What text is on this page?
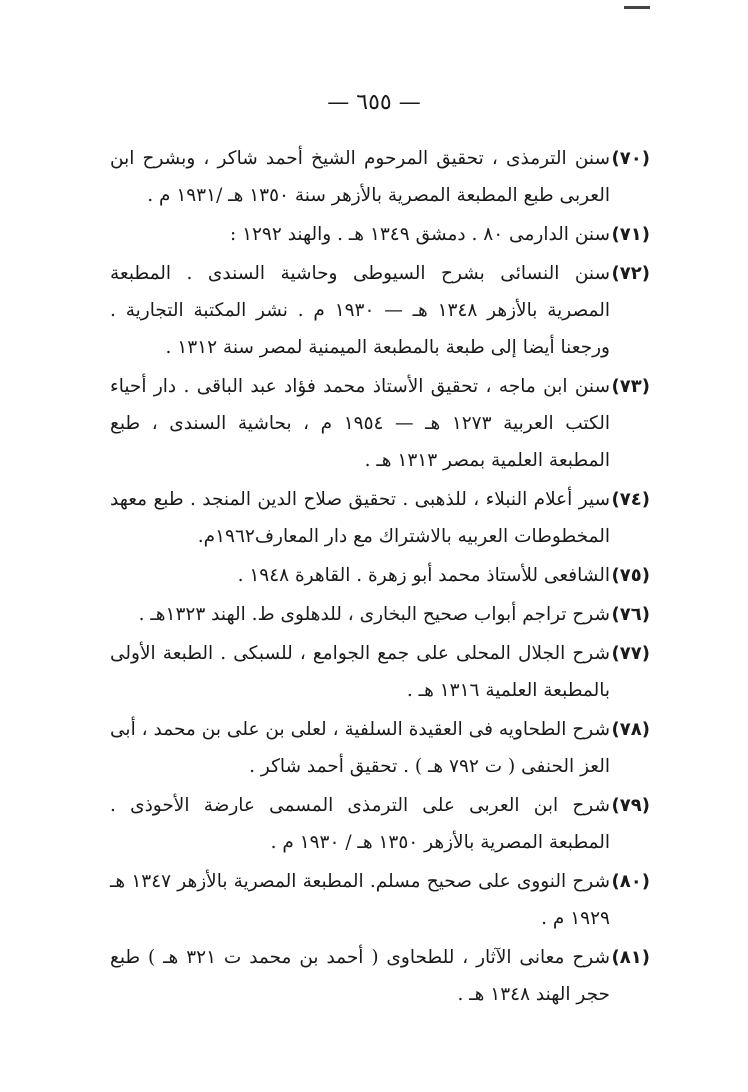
— ٦٥٥ —
(٧٠)
سنن الترمذى ، تحقيق المرحوم الشيخ أحمد شاكر ، وبشرح ابن العربى طبع المطبعة المصرية بالأزهر سنة ١٣٥٠ هـ /١٩٣١ م .
(٧١)
سنن الدارمى ٨٠ . دمشق ١٣٤٩ هـ . والهند ١٢٩٢ :
(٧٢)
سنن النسائى بشرح السيوطى وحاشية السندى . المطبعة المصرية بالأزهر ١٣٤٨ هـ — ١٩٣٠ م . نشر المكتبة التجارية . ورجعنا أيضا إلى طبعة بالمطبعة الميمنية لمصر سنة ١٣١٢ .
(٧٣)
سنن ابن ماجه ، تحقيق الأستاذ محمد فؤاد عبد الباقى . دار أحياء الكتب العربية ١٢٧٣ هـ — ١٩٥٤ م ، بحاشية السندى ، طبع المطبعة العلمية بمصر ١٣١٣ هـ .
(٧٤)
سير أعلام النبلاء ، للذهبى . تحقيق صلاح الدين المنجد . طبع معهد المخطوطات العربيه بالاشتراك مع دار المعارف١٩٦٢م.
(٧٥)
الشافعى للأستاذ محمد أبو زهرة . القاهرة ١٩٤٨ .
(٧٦)
شرح تراجم أبواب صحيح البخارى ، للدهلوى ط. الهند ١٣٢٣هـ .
(٧٧)
شرح الجلال المحلى على جمع الجوامع ، للسبكى . الطبعة الأولى بالمطبعة العلمية ١٣١٦ هـ .
(٧٨)
شرح الطحاويه فى العقيدة السلفية ، لعلى بن على بن محمد ، أبى العز الحنفى ( ت ٧٩٢ هـ ) . تحقيق أحمد شاكر .
(٧٩)
شرح ابن العربى على الترمذى المسمى عارضة الأحوذى . المطبعة المصرية بالأزهر ١٣٥٠ هـ / ١٩٣٠ م .
(٨٠)
شرح النووى على صحيح مسلم. المطبعة المصرية بالأزهر ١٣٤٧ هـ ١٩٢٩ م .
(٨١)
شرح معانى الآثار ، للطحاوى ( أحمد بن محمد ت ٣٢١ هـ ) طبع حجر الهند ١٣٤٨ هـ .
